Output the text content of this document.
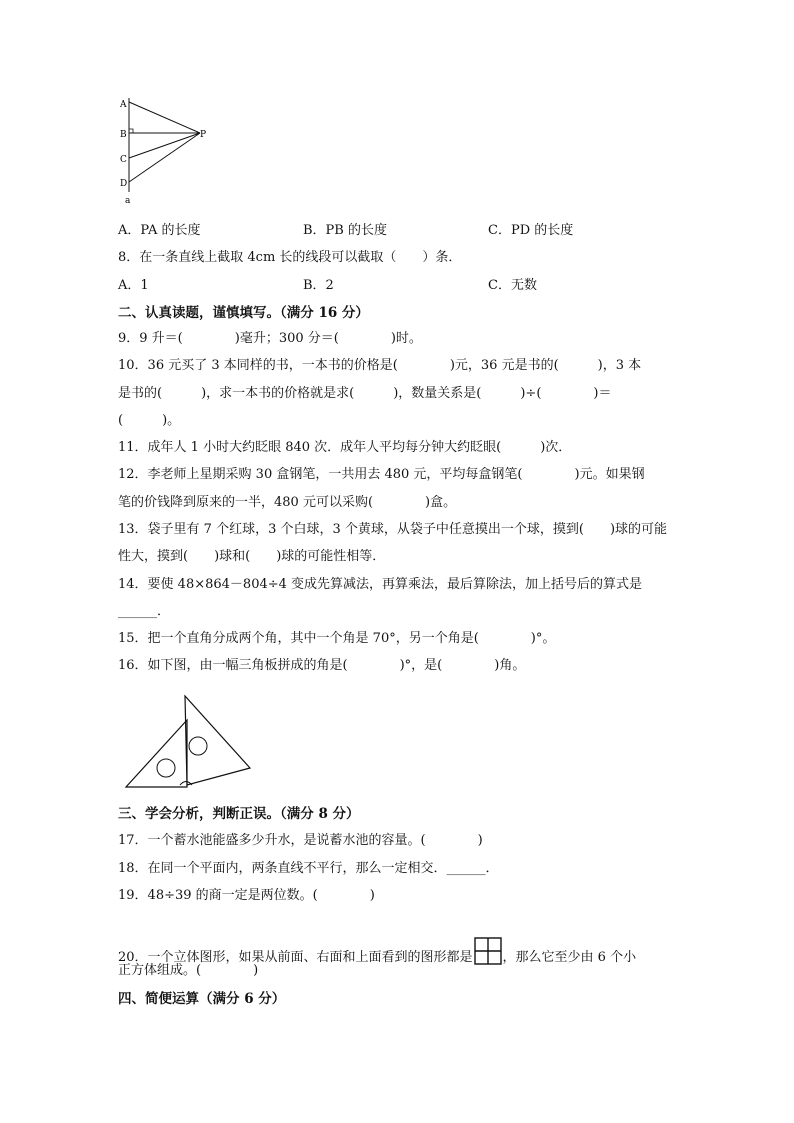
A
B
C
D
P
a
A．PA 的长度	B．PB 的长度	C．PD 的长度
8．在一条直线上截取 4cm 长的线段可以截取（　　）条．
A．1	B．2	C．无数
二、认真读题，谨慎填写。（满分 16 分）
9．9 升＝(　　　　)毫升；300 分＝(　　　　)时。
10．36 元买了 3 本同样的书，一本书的价格是(　　　　)元，36 元是书的(　　　)，3 本
是书的(　　　)，求一本书的价格就是求(　　　)，数量关系是(　　　)÷(　　　　)＝
(　　　)。
11．成年人 1 小时大约眨眼 840 次．成年人平均每分钟大约眨眼(　　　)次．
12．李老师上星期采购 30 盒钢笔，一共用去 480 元，平均每盒钢笔(　　　　)元。如果钢
笔的价钱降到原来的一半，480 元可以采购(　　　　)盒。
13．袋子里有 7 个红球，3 个白球，3 个黄球，从袋子中任意摸出一个球，摸到(　　)球的可能
性大，摸到(　　)球和(　　)球的可能性相等．
14．要使 48×864－804÷4 变成先算减法，再算乘法，最后算除法，加上括号后的算式是
______．
15．把一个直角分成两个角，其中一个角是 70°，另一个角是(　　　　)°。
16．如下图，由一幅三角板拼成的角是(　　　　)°，是(　　　　)角。
三、学会分析，判断正误。（满分 8 分）
17．一个蓄水池能盛多少升水，是说蓄水池的容量。(　　　　)
18．在同一个平面内，两条直线不平行，那么一定相交．______．
19．48÷39 的商一定是两位数。(　　　　)
20．一个立体图形，如果从前面、右面和上面看到的图形都是 ，那么它至少由 6 个小
正方体组成。(　　　　)
四、简便运算（满分 6 分）
